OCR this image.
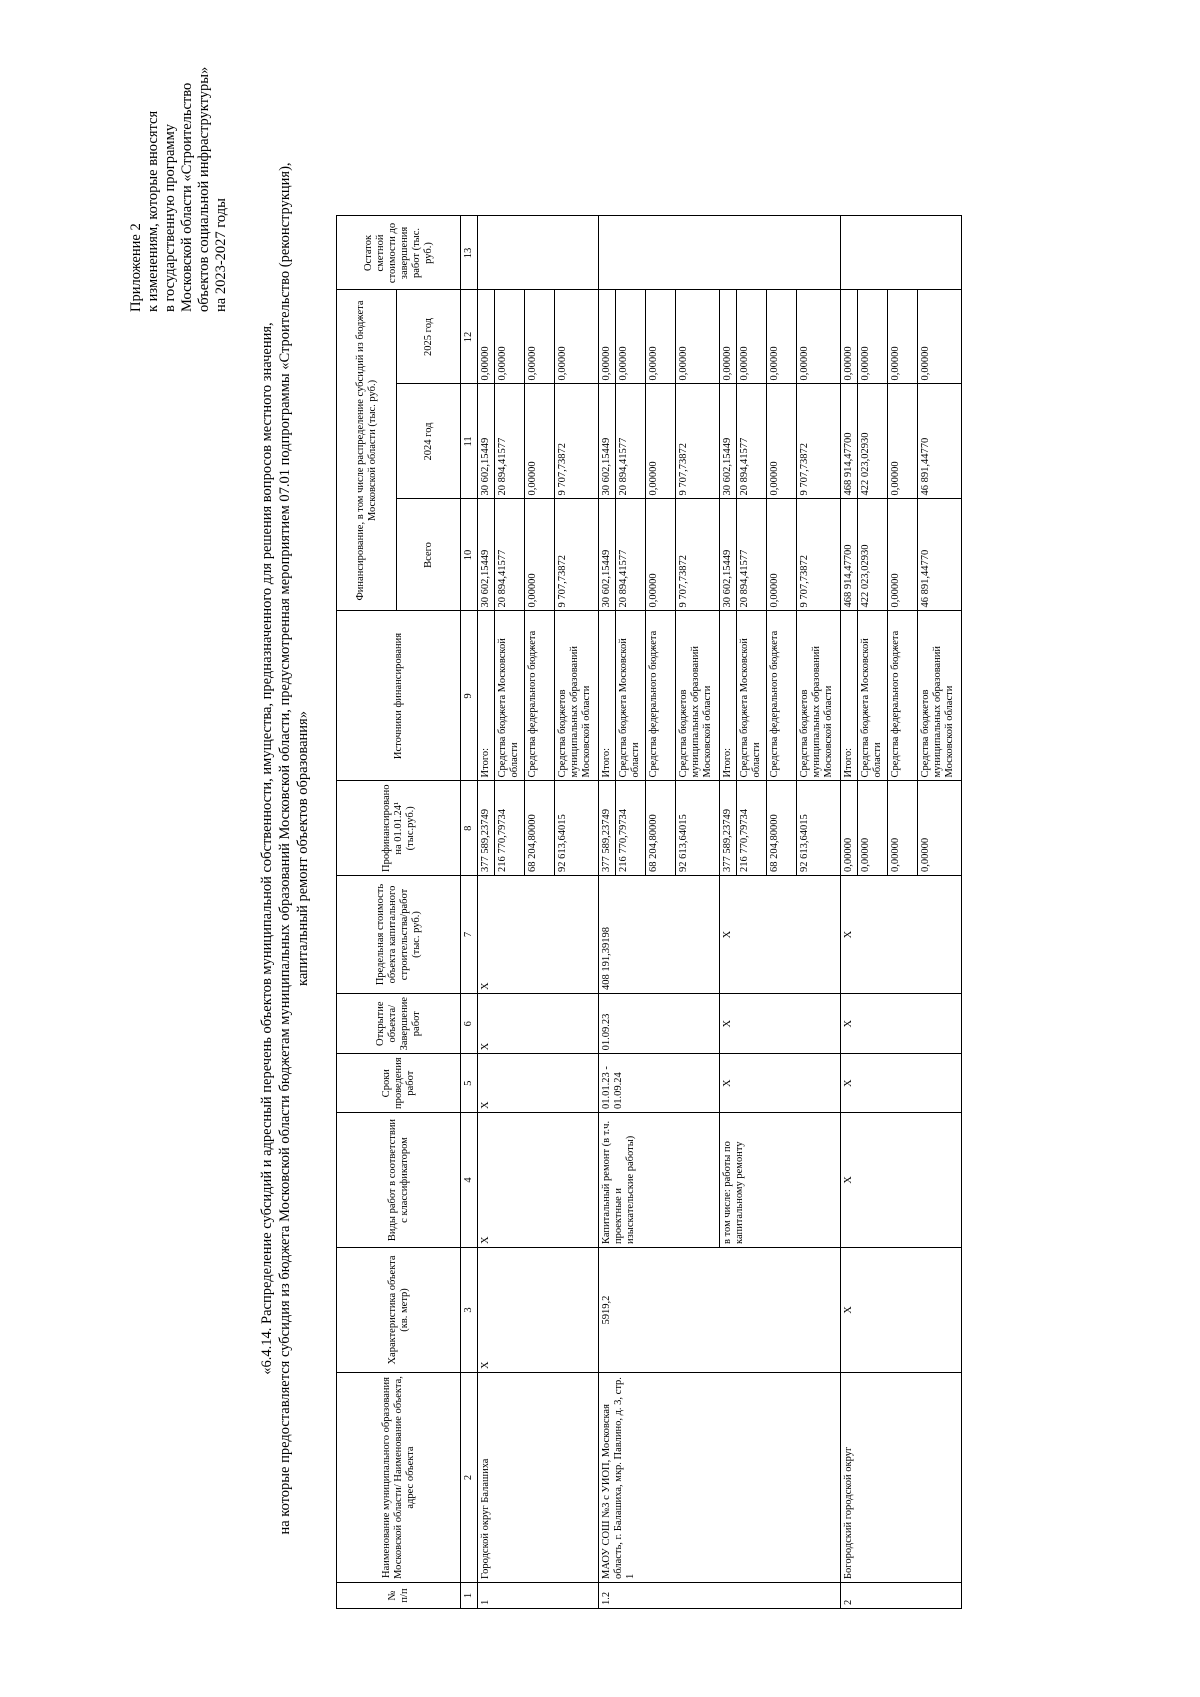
Приложение 2 к изменениям, которые вносятся в государственную программу Московской области «Строительство объектов социальной инфраструктуры» на 2023-2027 годы
«6.4.14. Распределение субсидий и адресный перечень объектов муниципальной собственности, имущества, предназначенного для решения вопросов местного значения, на которые предоставляется субсидия из бюджета Московской области бюджетам муниципальных образований Московской области, предусмотренная мероприятием 07.01 подпрограммы «Строительство (реконструкция), капитальный ремонт объектов образования»
№ п/п	Наименование муниципального образования Московской области/ Наименование объекта, адрес объекта	Характеристика объекта (кв. метр)	Виды работ в соответствии с классификатором	Сроки проведения работ	Открытие объекта/ Завершение работ	Предельная стоимость объекта капитального строительства/работ (тыс. руб.)	Профинансировано на 01.01.24¹ (тыс.руб.)	Источники финансирования	Финансирование, в том числе распределение субсидий из бюджета Московской области (тыс. руб.)			Остаток сметной стоимости до завершения работ (тыс. руб.)
									Всего	2024 год	2025 год	
1	2	3	4	5	6	7	8	9	10	11	12	13
1	Городской округ Балашиха	X	X	X	X	X	377 589,23749	Итого:	30 602,15449	30 602,15449	0,00000	
							216 770,79734	Средства бюджета Московской области	20 894,41577	20 894,41577	0,00000	
							68 204,80000	Средства федерального бюджета	0,00000	0,00000	0,00000	
							92 613,64015	Средства бюджетов муниципальных образований Московской области	9 707,73872	9 707,73872	0,00000	
1.2	МАОУ СОШ №3 с УИОП, Московская область, г. Балашиха, мкр. Павлино, д. 3, стр. 1	5919,2	Капитальный ремонт (в т.ч. проектные и изыскательские работы)	01.01.23 - 01.09.24	01.09.23	408 191,39198	377 589,23749	Итого:	30 602,15449	30 602,15449	0,00000	
							216 770,79734	Средства бюджета Московской области	20 894,41577	20 894,41577	0,00000	
							68 204,80000	Средства федерального бюджета	0,00000	0,00000	0,00000	
							92 613,64015	Средства бюджетов муниципальных образований Московской области	9 707,73872	9 707,73872	0,00000	
			в том числе: работы по капитальному ремонту	X	X	X	377 589,23749	Итого:	30 602,15449	30 602,15449	0,00000	
							216 770,79734	Средства бюджета Московской области	20 894,41577	20 894,41577	0,00000	
							68 204,80000	Средства федерального бюджета	0,00000	0,00000	0,00000	
							92 613,64015	Средства бюджетов муниципальных образований Московской области	9 707,73872	9 707,73872	0,00000	
2	Богородский городской округ	X	X	X	X	X	0,00000	Итого:	468 914,47700	468 914,47700	0,00000	
							0,00000	Средства бюджета Московской области	422 023,02930	422 023,02930	0,00000	
							0,00000	Средства федерального бюджета	0,00000	0,00000	0,00000	
							0,00000	Средства бюджетов муниципальных образований Московской области	46 891,44770	46 891,44770	0,00000	
